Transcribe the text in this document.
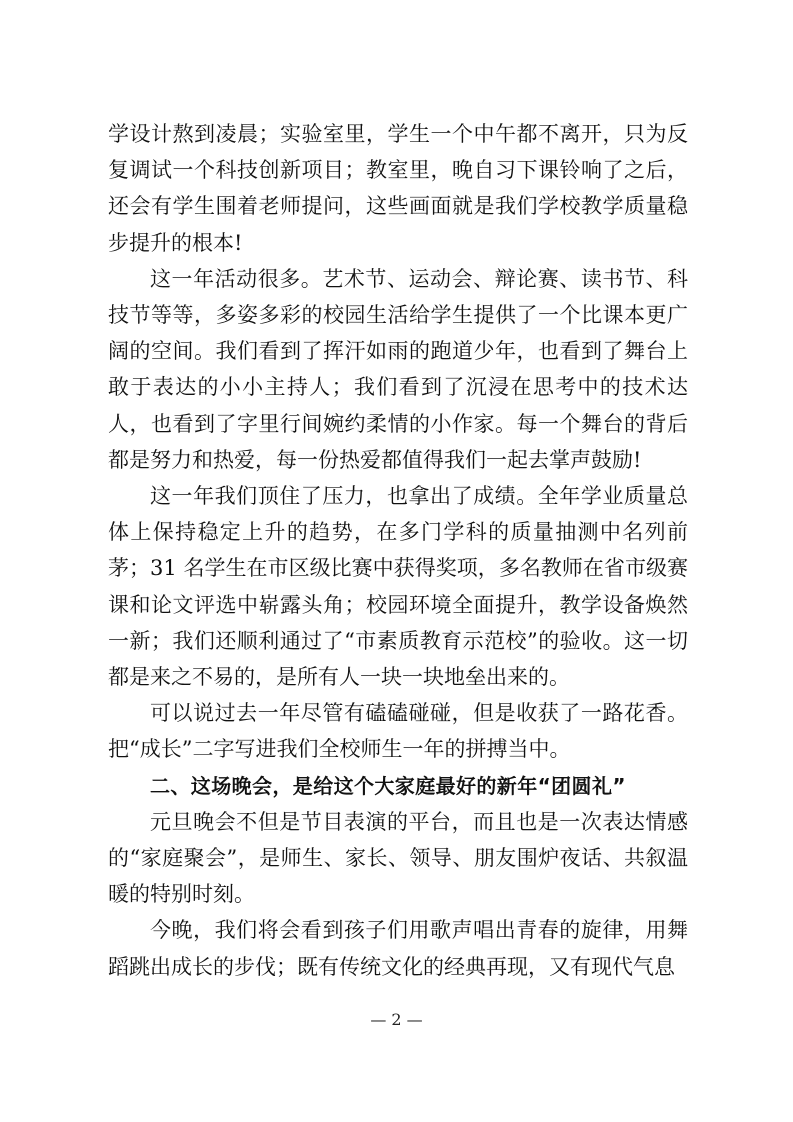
学设计熬到凌晨；实验室里，学生一个中午都不离开，只为反复调试一个科技创新项目；教室里，晚自习下课铃响了之后，还会有学生围着老师提问，这些画面就是我们学校教学质量稳步提升的根本!

这一年活动很多。艺术节、运动会、辩论赛、读书节、科技节等等，多姿多彩的校园生活给学生提供了一个比课本更广阔的空间。我们看到了挥汗如雨的跑道少年，也看到了舞台上敢于表达的小小主持人；我们看到了沉浸在思考中的技术达人，也看到了字里行间婉约柔情的小作家。每一个舞台的背后都是努力和热爱，每一份热爱都值得我们一起去掌声鼓励!

这一年我们顶住了压力，也拿出了成绩。全年学业质量总体上保持稳定上升的趋势，在多门学科的质量抽测中名列前茅；31 名学生在市区级比赛中获得奖项，多名教师在省市级赛课和论文评选中崭露头角；校园环境全面提升，教学设备焕然一新；我们还顺利通过了“市素质教育示范校”的验收。这一切都是来之不易的，是所有人一块一块地垒出来的。

可以说过去一年尽管有磕磕碰碰，但是收获了一路花香。把“成长”二字写进我们全校师生一年的拼搏当中。

二、这场晚会，是给这个大家庭最好的新年“团圆礼”

元旦晚会不但是节目表演的平台，而且也是一次表达情感的“家庭聚会”，是师生、家长、领导、朋友围炉夜话、共叙温暖的特别时刻。

今晚，我们将会看到孩子们用歌声唱出青春的旋律，用舞蹈跳出成长的步伐；既有传统文化的经典再现，又有现代气息

— 2 —
